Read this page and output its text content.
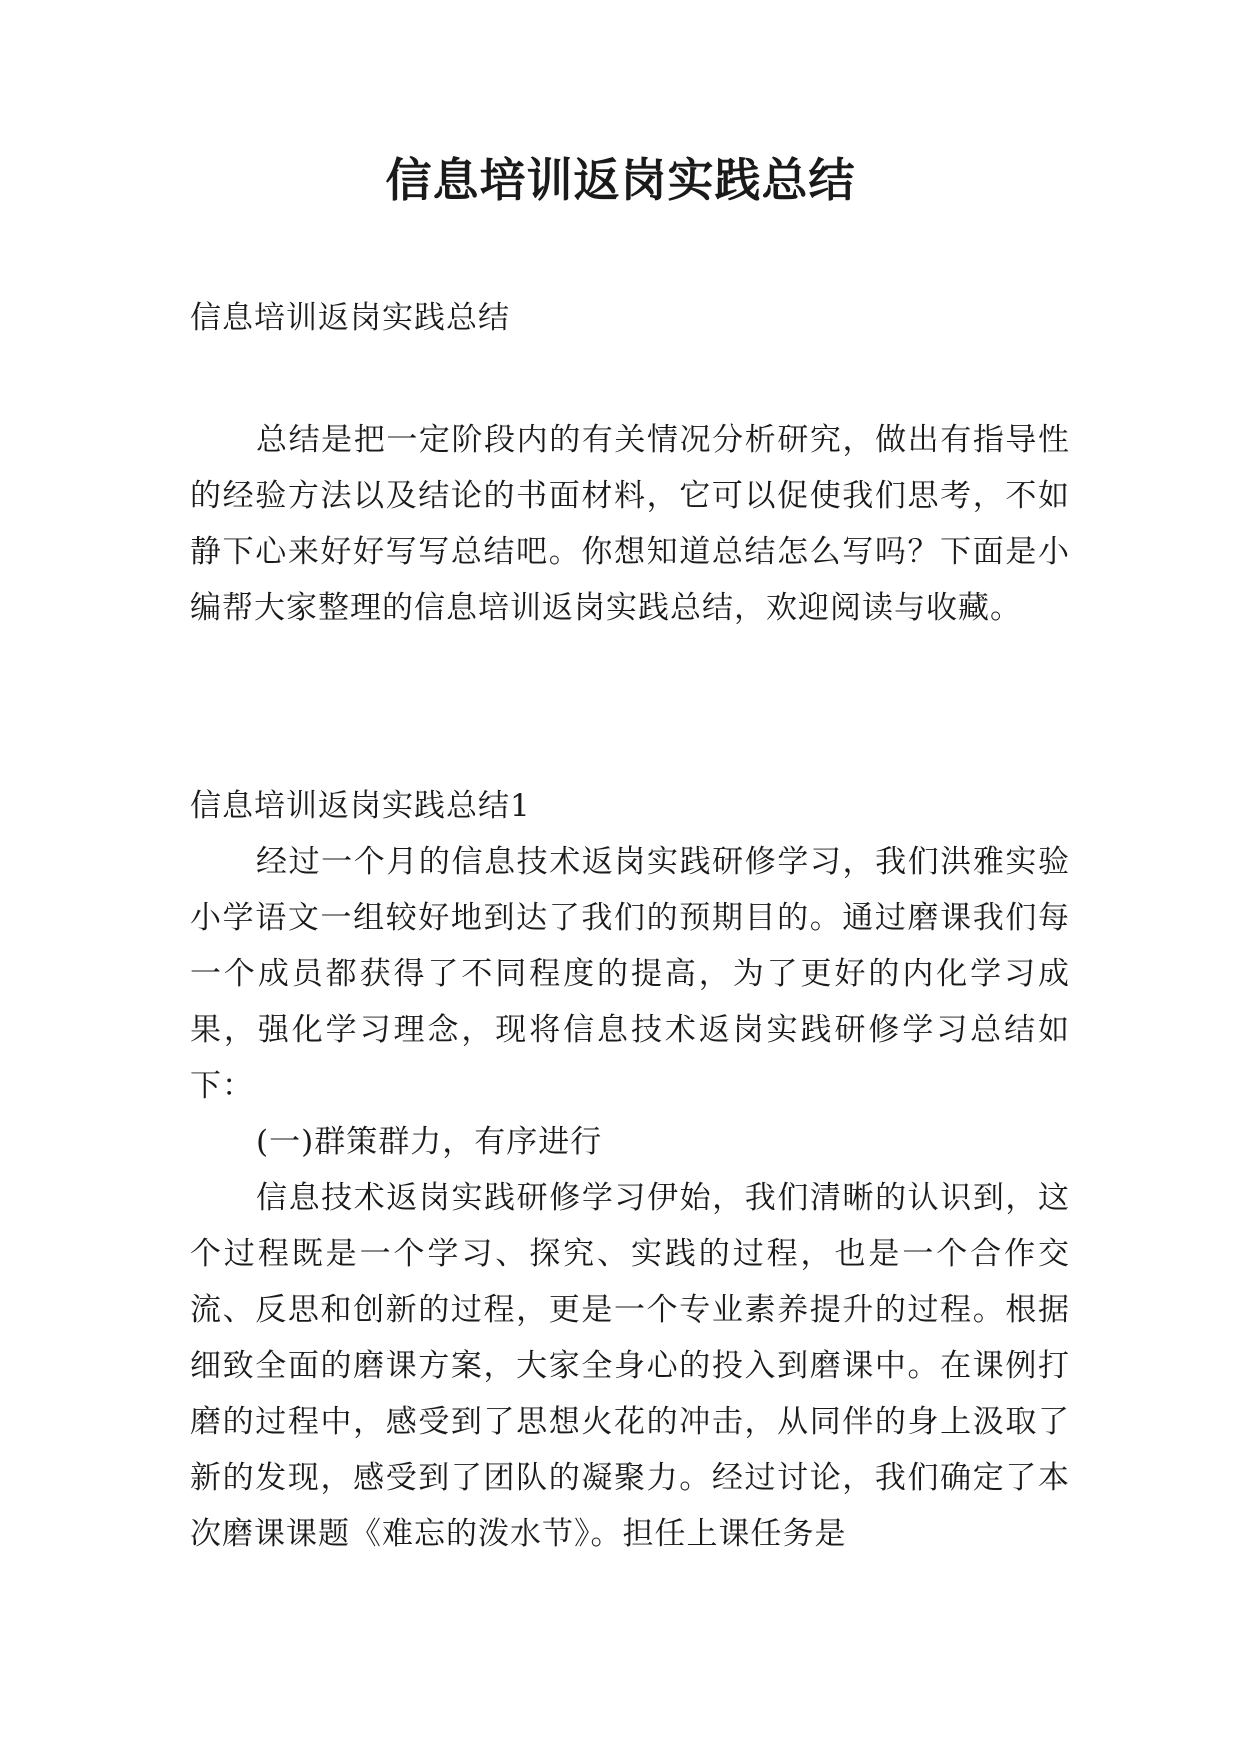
信息培训返岗实践总结

信息培训返岗实践总结

总结是把一定阶段内的有关情况分析研究，做出有指导性的经验方法以及结论的书面材料，它可以促使我们思考，不如静下心来好好写写总结吧。你想知道总结怎么写吗？下面是小编帮大家整理的信息培训返岗实践总结，欢迎阅读与收藏。

信息培训返岗实践总结1

经过一个月的信息技术返岗实践研修学习，我们洪雅实验小学语文一组较好地到达了我们的预期目的。通过磨课我们每一个成员都获得了不同程度的提高，为了更好的内化学习成果，强化学习理念，现将信息技术返岗实践研修学习总结如下：

(一)群策群力，有序进行

信息技术返岗实践研修学习伊始，我们清晰的认识到，这个过程既是一个学习、探究、实践的过程，也是一个合作交流、反思和创新的过程，更是一个专业素养提升的过程。根据细致全面的磨课方案，大家全身心的投入到磨课中。在课例打磨的过程中，感受到了思想火花的冲击，从同伴的身上汲取了新的发现，感受到了团队的凝聚力。经过讨论，我们确定了本次磨课课题《难忘的泼水节》。担任上课任务是
